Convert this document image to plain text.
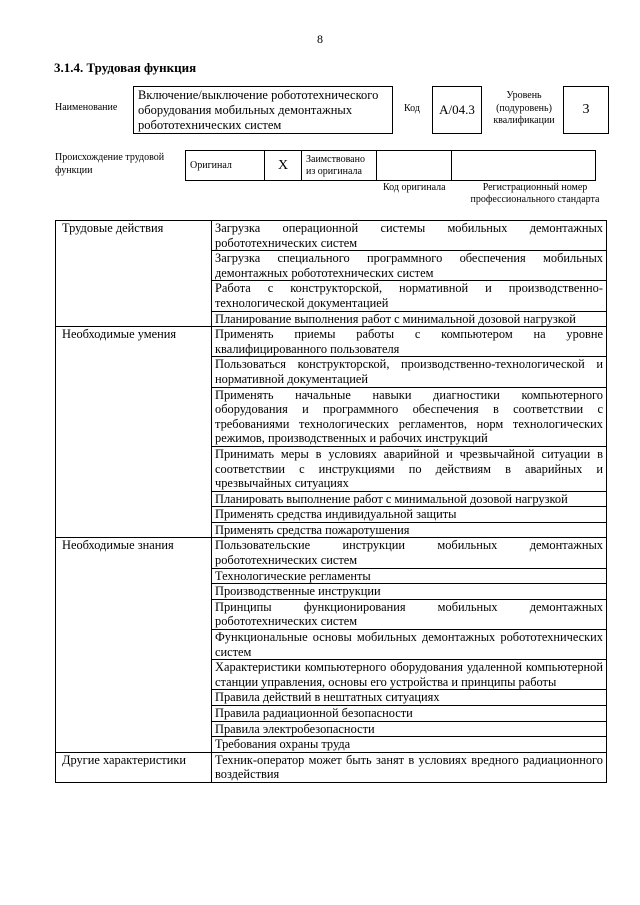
8
3.1.4. Трудовая функция
Наименование
Включение/выключение робототехнического оборудования мобильных демонтажных робототехнических систем
Код A/04.3
Уровень (подуровень) квалификации
3
Происхождение трудовой функции	Оригинал	X	Заимствовано из оригинала		
Код оригинала	Регистрационный номер профессионального стандарта
Трудовые действия	Загрузка операционной системы мобильных демонтажных робототехнических систем
	Загрузка специального программного обеспечения мобильных демонтажных робототехнических систем
	Работа с конструкторской, нормативной и производственно-технологической документацией
	Планирование выполнения работ с минимальной дозовой нагрузкой
Необходимые умения	Применять приемы работы с компьютером на уровне квалифицированного пользователя
	Пользоваться конструкторской, производственно-технологической и нормативной документацией
	Применять начальные навыки диагностики компьютерного оборудования и программного обеспечения в соответствии с требованиями технологических регламентов, норм технологических режимов, производственных и рабочих инструкций
	Принимать меры в условиях аварийной и чрезвычайной ситуации в соответствии с инструкциями по действиям в аварийных и чрезвычайных ситуациях
	Планировать выполнение работ с минимальной дозовой нагрузкой
	Применять средства индивидуальной защиты
	Применять средства пожаротушения
Необходимые знания	Пользовательские инструкции мобильных демонтажных робототехнических систем
	Технологические регламенты
	Производственные инструкции
	Принципы функционирования мобильных демонтажных робототехнических систем
	Функциональные основы мобильных демонтажных робототехнических систем
	Характеристики компьютерного оборудования удаленной компьютерной станции управления, основы его устройства и принципы работы
	Правила действий в нештатных ситуациях
	Правила радиационной безопасности
	Правила электробезопасности
	Требования охраны труда
Другие характеристики	Техник-оператор может быть занят в условиях вредного радиационного воздействия
